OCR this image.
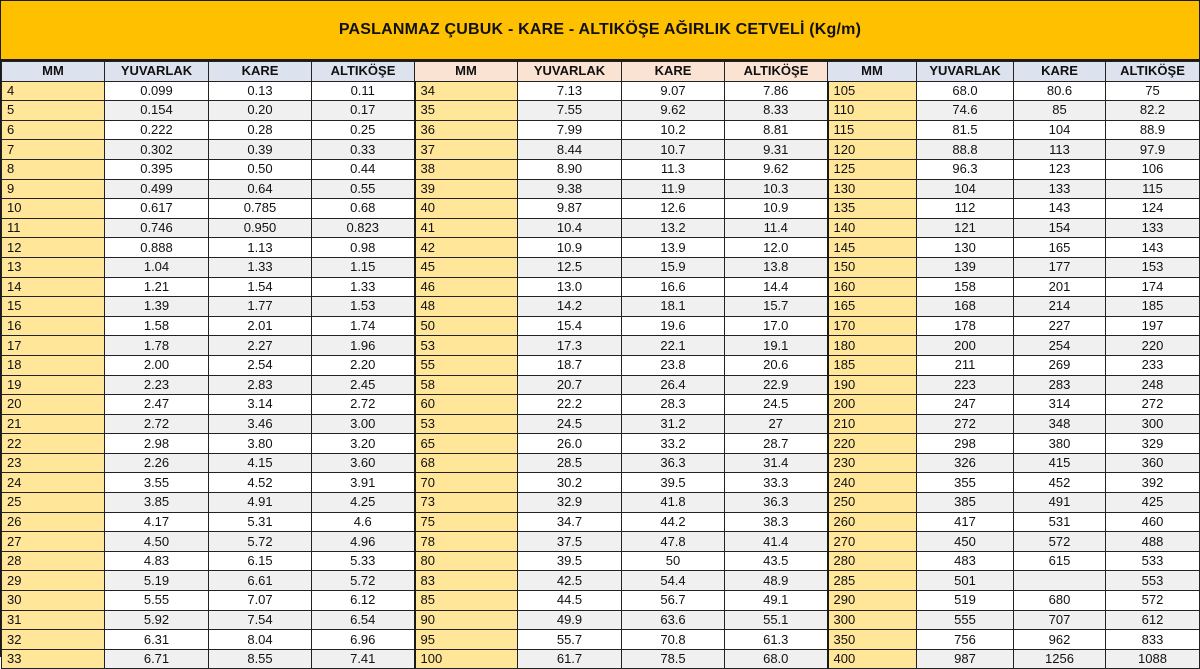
PASLANMAZ ÇUBUK - KARE - ALTIKÖŞE AĞIRLIK CETVELİ (Kg/m)
MM	YUVARLAK	KARE	ALTIKÖŞE	MM	YUVARLAK	KARE	ALTIKÖŞE	MM	YUVARLAK	KARE	ALTIKÖŞE
4	0.099	0.13	0.11	34	7.13	9.07	7.86	105	68.0	80.6	75
5	0.154	0.20	0.17	35	7.55	9.62	8.33	110	74.6	85	82.2
6	0.222	0.28	0.25	36	7.99	10.2	8.81	115	81.5	104	88.9
7	0.302	0.39	0.33	37	8.44	10.7	9.31	120	88.8	113	97.9
8	0.395	0.50	0.44	38	8.90	11.3	9.62	125	96.3	123	106
9	0.499	0.64	0.55	39	9.38	11.9	10.3	130	104	133	115
10	0.617	0.785	0.68	40	9.87	12.6	10.9	135	112	143	124
11	0.746	0.950	0.823	41	10.4	13.2	11.4	140	121	154	133
12	0.888	1.13	0.98	42	10.9	13.9	12.0	145	130	165	143
13	1.04	1.33	1.15	45	12.5	15.9	13.8	150	139	177	153
14	1.21	1.54	1.33	46	13.0	16.6	14.4	160	158	201	174
15	1.39	1.77	1.53	48	14.2	18.1	15.7	165	168	214	185
16	1.58	2.01	1.74	50	15.4	19.6	17.0	170	178	227	197
17	1.78	2.27	1.96	53	17.3	22.1	19.1	180	200	254	220
18	2.00	2.54	2.20	55	18.7	23.8	20.6	185	211	269	233
19	2.23	2.83	2.45	58	20.7	26.4	22.9	190	223	283	248
20	2.47	3.14	2.72	60	22.2	28.3	24.5	200	247	314	272
21	2.72	3.46	3.00	53	24.5	31.2	27	210	272	348	300
22	2.98	3.80	3.20	65	26.0	33.2	28.7	220	298	380	329
23	2.26	4.15	3.60	68	28.5	36.3	31.4	230	326	415	360
24	3.55	4.52	3.91	70	30.2	39.5	33.3	240	355	452	392
25	3.85	4.91	4.25	73	32.9	41.8	36.3	250	385	491	425
26	4.17	5.31	4.6	75	34.7	44.2	38.3	260	417	531	460
27	4.50	5.72	4.96	78	37.5	47.8	41.4	270	450	572	488
28	4.83	6.15	5.33	80	39.5	50	43.5	280	483	615	533
29	5.19	6.61	5.72	83	42.5	54.4	48.9	285	501		553
30	5.55	7.07	6.12	85	44.5	56.7	49.1	290	519	680	572
31	5.92	7.54	6.54	90	49.9	63.6	55.1	300	555	707	612
32	6.31	8.04	6.96	95	55.7	70.8	61.3	350	756	962	833
33	6.71	8.55	7.41	100	61.7	78.5	68.0	400	987	1256	1088
